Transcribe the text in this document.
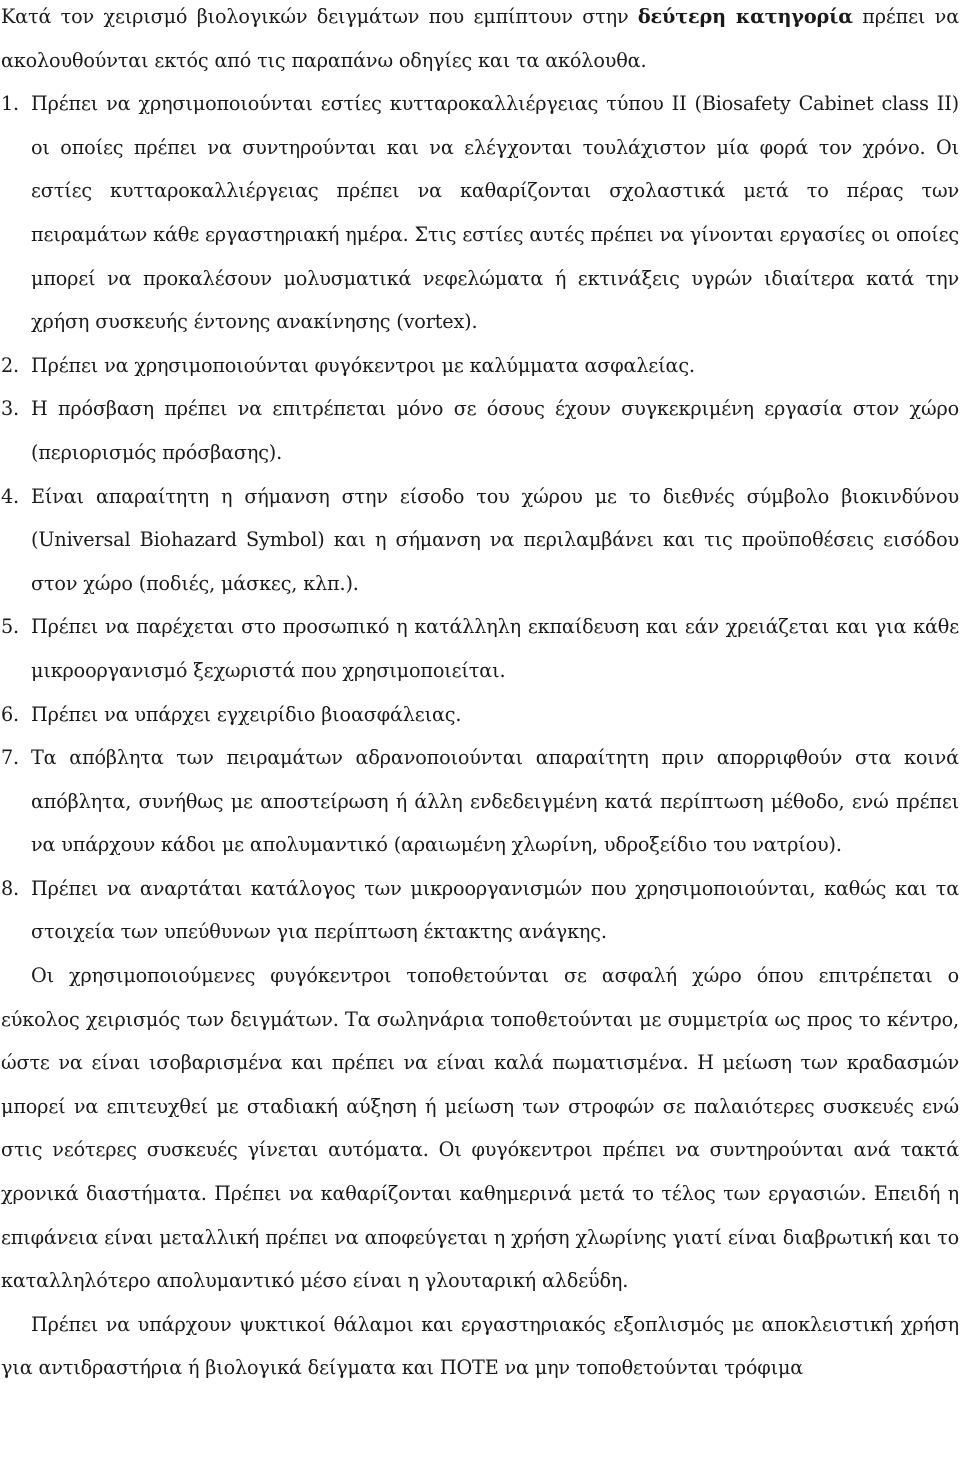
Κατά τον χειρισμό βιολογικών δειγμάτων που εμπίπτουν στην δεύτερη κατηγορία πρέπει να ακολουθούνται εκτός από τις παραπάνω οδηγίες και τα ακόλουθα.

1. Πρέπει να χρησιμοποιούνται εστίες κυτταροκαλλιέργειας τύπου II (Biosafety Cabinet class II) οι οποίες πρέπει να συντηρούνται και να ελέγχονται τουλάχιστον μία φορά τον χρόνο. Οι εστίες κυτταροκαλλιέργειας πρέπει να καθαρίζονται σχολαστικά μετά το πέρας των πειραμάτων κάθε εργαστηριακή ημέρα. Στις εστίες αυτές πρέπει να γίνονται εργασίες οι οποίες μπορεί να προκαλέσουν μολυσματικά νεφελώματα ή εκτινάξεις υγρών ιδιαίτερα κατά την χρήση συσκευής έντονης ανακίνησης (vortex).
2. Πρέπει να χρησιμοποιούνται φυγόκεντροι με καλύμματα ασφαλείας.
3. Η πρόσβαση πρέπει να επιτρέπεται μόνο σε όσους έχουν συγκεκριμένη εργασία στον χώρο (περιορισμός πρόσβασης).
4. Είναι απαραίτητη η σήμανση στην είσοδο του χώρου με το διεθνές σύμβολο βιοκινδύνου (Universal Biohazard Symbol) και η σήμανση να περιλαμβάνει και τις προϋποθέσεις εισόδου στον χώρο (ποδιές, μάσκες, κλπ.).
5. Πρέπει να παρέχεται στο προσωπικό η κατάλληλη εκπαίδευση και εάν χρειάζεται και για κάθε μικροοργανισμό ξεχωριστά που χρησιμοποιείται.
6. Πρέπει να υπάρχει εγχειρίδιο βιοασφάλειας.
7. Τα απόβλητα των πειραμάτων αδρανοποιούνται απαραίτητη πριν απορριφθούν στα κοινά απόβλητα, συνήθως με αποστείρωση ή άλλη ενδεδειγμένη κατά περίπτωση μέθοδο, ενώ πρέπει να υπάρχουν κάδοι με απολυμαντικό (αραιωμένη χλωρίνη, υδροξείδιο του νατρίου).
8. Πρέπει να αναρτάται κατάλογος των μικροοργανισμών που χρησιμοποιούνται, καθώς και τα στοιχεία των υπεύθυνων για περίπτωση έκτακτης ανάγκης.

Οι χρησιμοποιούμενες φυγόκεντροι τοποθετούνται σε ασφαλή χώρο όπου επιτρέπεται ο εύκολος χειρισμός των δειγμάτων. Τα σωληνάρια τοποθετούνται με συμμετρία ως προς το κέντρο, ώστε να είναι ισοβαρισμένα και πρέπει να είναι καλά πωματισμένα. Η μείωση των κραδασμών μπορεί να επιτευχθεί με σταδιακή αύξηση ή μείωση των στροφών σε παλαιότερες συσκευές ενώ στις νεότερες συσκευές γίνεται αυτόματα. Οι φυγόκεντροι πρέπει να συντηρούνται ανά τακτά χρονικά διαστήματα. Πρέπει να καθαρίζονται καθημερινά μετά το τέλος των εργασιών. Επειδή η επιφάνεια είναι μεταλλική πρέπει να αποφεύγεται η χρήση χλωρίνης γιατί είναι διαβρωτική και το καταλληλότερο απολυμαντικό μέσο είναι η γλουταρική αλδεΰδη.

Πρέπει να υπάρχουν ψυκτικοί θάλαμοι και εργαστηριακός εξοπλισμός με αποκλειστική χρήση για αντιδραστήρια ή βιολογικά δείγματα και ΠΟΤΕ να μην τοποθετούνται τρόφιμα
